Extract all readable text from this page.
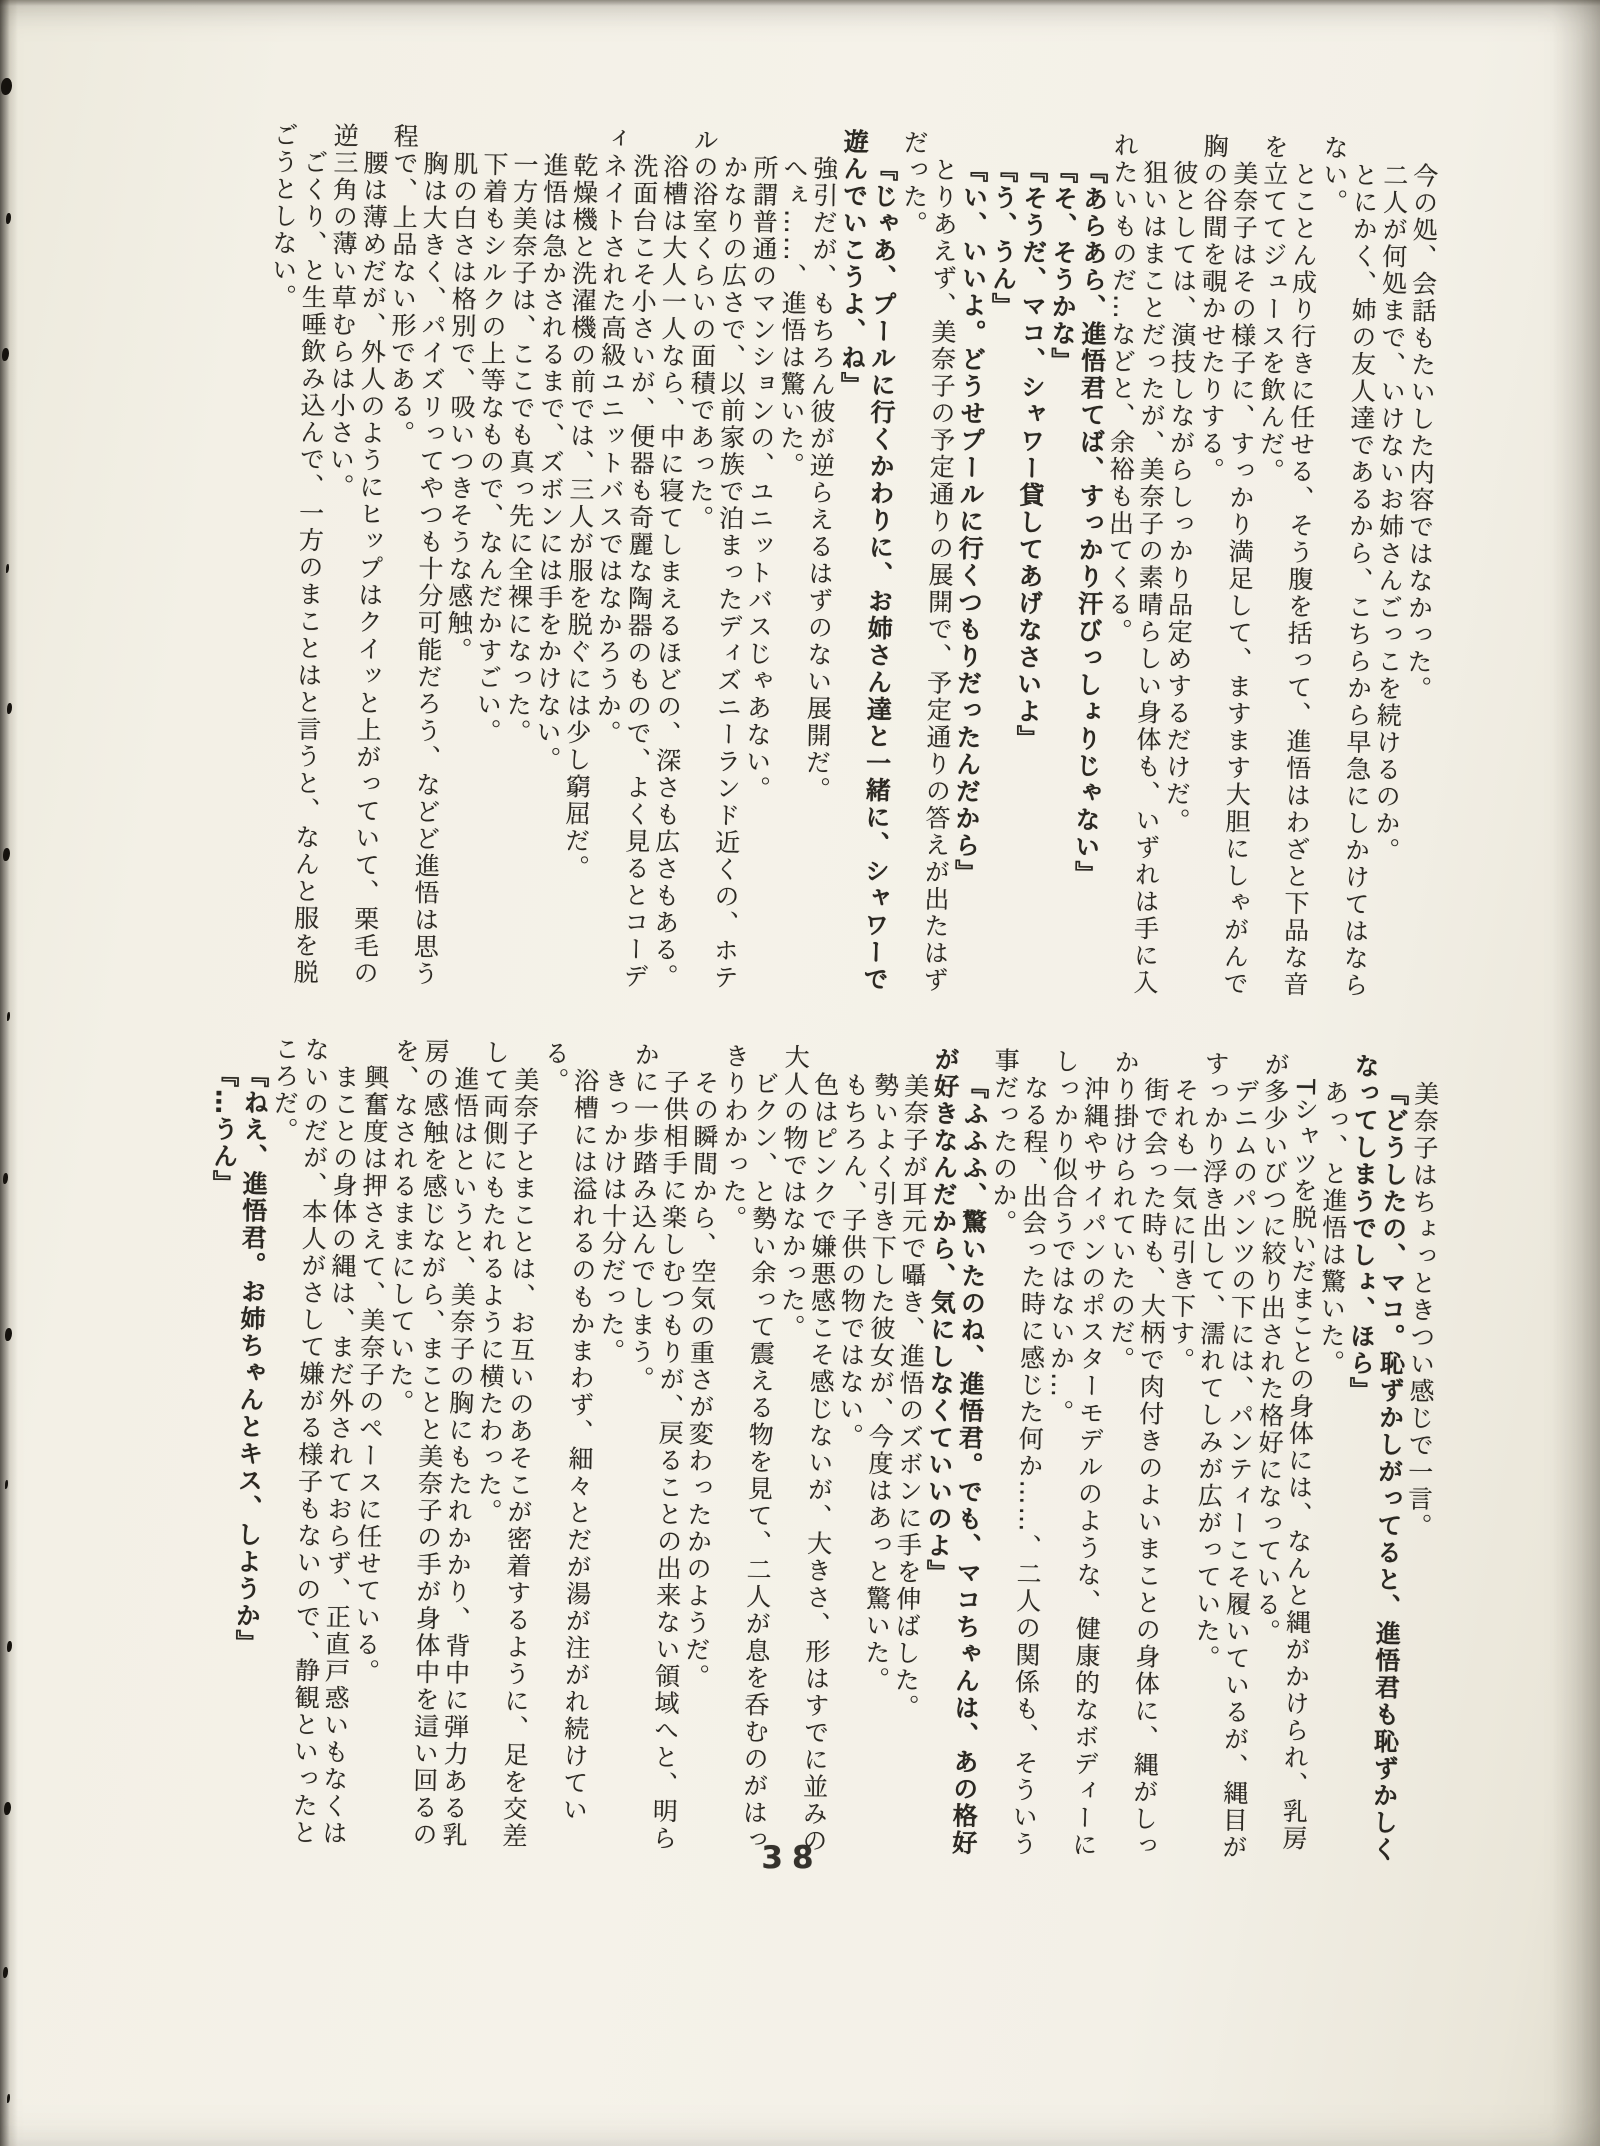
今の処、会話もたいした内容ではなかった。

二人が何処まで、いけないお姉さんごっこを続けるのか。

とにかく、姉の友人達であるから、こちらから早急にしかけてはならない。

とことん成り行きに任せる、そう腹を括って、進悟はわざと下品な音を立ててジュースを飲んだ。

美奈子はその様子に、すっかり満足して、ますます大胆にしゃがんで胸の谷間を覗かせたりする。

彼としては、演技しながらしっかり品定めするだけだ。

狙いはまことだったが、美奈子の素晴らしい身体も、いずれは手に入れたいものだ…などと、余裕も出てくる。

『あらあら、進悟君てば、すっかり汗びっしょりじゃない』

『そ、そうかな』

『そうだ、マコ、シャワー貸してあげなさいよ』

『う、うん』

『い、いいよ。どうせプールに行くつもりだったんだから』

とりあえず、美奈子の予定通りの展開で、予定通りの答えが出たはずだった。

『じゃあ、プールに行くかわりに、お姉さん達と一緒に、シャワーで遊んでいこうよ、ね』

強引だが、もちろん彼が逆らえるはずのない展開だ。

へぇ……、進悟は驚いた。

所謂普通のマンションの、ユニットバスじゃあない。

かなりの広さで、以前家族で泊まったディズニーランド近くの、ホテルの浴室くらいの面積であった。

浴槽は大人一人なら、中に寝てしまえるほどの、深さも広さもある。

洗面台こそ小さいが、便器も奇麗な陶器のもので、よく見るとコーディネイトされた高級ユニットバスではなかろうか。

乾燥機と洗濯機の前では、三人が服を脱ぐには少し窮屈だ。

進悟は急かされるまで、ズボンには手をかけない。

一方美奈子は、ここでも真っ先に全裸になった。

下着もシルクの上等なもので、なんだかすごい。

肌の白さは格別で、吸いつきそうな感触。

胸は大きく、パイズリってやつも十分可能だろう、などど進悟は思う程で、上品ない形である。

腰は薄めだが、外人のようにヒップはクイッと上がっていて、栗毛の逆三角の薄い草むらは小さい。

ごくり、と生唾飲み込んで、一方のまことはと言うと、なんと服を脱ごうとしない。

美奈子はちょっときつい感じで一言。

『どうしたの、マコ。恥ずかしがってると、進悟君も恥ずかしくなってしまうでしょ、ほら』

あっ、と進悟は驚いた。

Tシャツを脱いだまことの身体には、なんと縄がかけられ、乳房が多少いびつに絞り出された格好になっている。

デニムのパンツの下には、パンティーこそ履いているが、縄目がすっかり浮き出して、濡れてしみが広がっていた。

それも一気に引き下す。

街で会った時も、大柄で肉付きのよいまことの身体に、縄がしっかり掛けられていたのだ。

沖縄やサイパンのポスターモデルのような、健康的なボディーにしっかり似合うではないか…。

なる程、出会った時に感じた何か……、二人の関係も、そういう事だったのか。

『ふふふ、驚いたのね、進悟君。でも、マコちゃんは、あの格好が好きなんだから、気にしなくていいのよ』

美奈子が耳元で囁き、進悟のズボンに手を伸ばした。

勢いよく引き下した彼女が、今度はあっと驚いた。

もちろん、子供の物ではない。

色はピンクで嫌悪感こそ感じないが、大きさ、形はすでに並みの大人の物ではなかった。

ビクン、と勢い余って震える物を見て、二人が息を呑むのがはっきりわかった。

その瞬間から、空気の重さが変わったかのようだ。

子供相手に楽しむつもりが、戻ることの出来ない領域へと、明らかに一歩踏み込んでしまう。

きっかけは十分だった。

浴槽には溢れるのもかまわず、細々とだが湯が注がれ続けている。

美奈子とまことは、お互いのあそこが密着するように、足を交差して両側にもたれるように横たわった。

進悟はというと、美奈子の胸にもたれかかり、背中に弾力ある乳房の感触を感じながら、まことと美奈子の手が身体中を這い回るのを、なされるままにしていた。

興奮度は押さえて、美奈子のペースに任せている。

まことの身体の縄は、まだ外されておらず、正直戸惑いもなくはないのだが、本人がさして嫌がる様子もないので、静観といったところだ。

『ねえ、進悟君。お姉ちゃんとキス、しようか』

『…うん』

38
